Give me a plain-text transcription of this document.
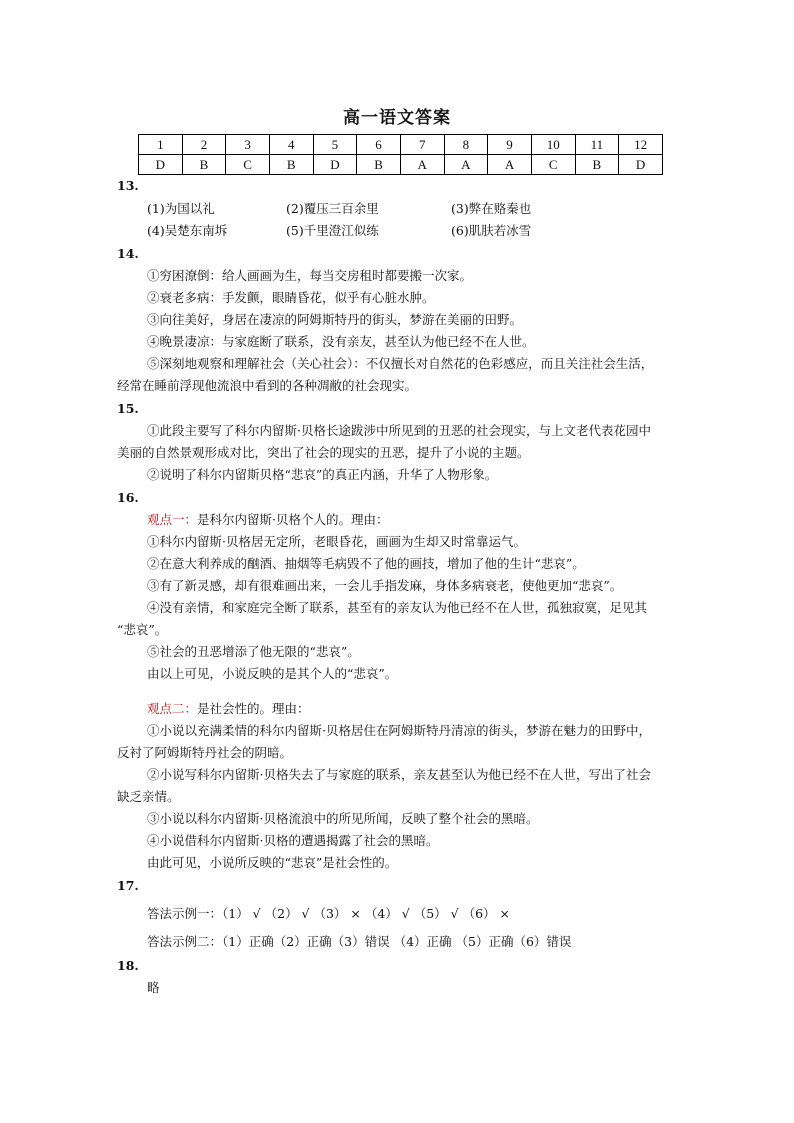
高一语文答案
1	2	3	4	5	6	7	8	9	10	11	12
D	B	C	B	D	B	A	A	A	C	B	D
13.
(1)为国以礼	(2)覆压三百余里	(3)弊在赂秦也
(4)吴楚东南坼	(5)千里澄江似练	(6)肌肤若冰雪
14.
①穷困潦倒：给人画画为生，每当交房租时都要搬一次家。
②衰老多病：手发颤，眼睛昏花，似乎有心脏水肿。
③向往美好，身居在凄凉的阿姆斯特丹的街头，梦游在美丽的田野。
④晚景凄凉：与家庭断了联系，没有亲友，甚至认为他已经不在人世。
⑤深刻地观察和理解社会（关心社会）：不仅擅长对自然花的色彩感应，而且关注社会生活，
经常在睡前浮现他流浪中看到的各种凋敝的社会现实。
15.
①此段主要写了科尔内留斯·贝格长途跋涉中所见到的丑恶的社会现实，与上文老代表花园中
美丽的自然景观形成对比，突出了社会的现实的丑恶，提升了小说的主题。
②说明了科尔内留斯贝格“悲哀”的真正内涵，升华了人物形象。
16.
观点一：是科尔内留斯·贝格个人的。理由：
①科尔内留斯·贝格居无定所，老眼昏花，画画为生却又时常靠运气。
②在意大利养成的酗酒、抽烟等毛病毁不了他的画技，增加了他的生计“悲哀”。
③有了新灵感，却有很难画出来，一会儿手指发麻，身体多病衰老，使他更加“悲哀”。
④没有亲情，和家庭完全断了联系，甚至有的亲友认为他已经不在人世，孤独寂寞，足见其
“悲哀”。
⑤社会的丑恶增添了他无限的“悲哀”。
由以上可见，小说反映的是其个人的“悲哀”。
观点二：是社会性的。理由：
①小说以充满柔情的科尔内留斯·贝格居住在阿姆斯特丹清凉的街头，梦游在魅力的田野中，
反衬了阿姆斯特丹社会的阴暗。
②小说写科尔内留斯·贝格失去了与家庭的联系，亲友甚至认为他已经不在人世，写出了社会
缺乏亲情。
③小说以科尔内留斯·贝格流浪中的所见所闻，反映了整个社会的黑暗。
④小说借科尔内留斯·贝格的遭遇揭露了社会的黑暗。
由此可见，小说所反映的“悲哀”是社会性的。
17.
答法示例一：（1） √ （2） √ （3） × （4） √ （5） √ （6） ×
答法示例二：（1）正确（2）正确（3）错误 （4）正确 （5）正确（6）错误
18.
略
